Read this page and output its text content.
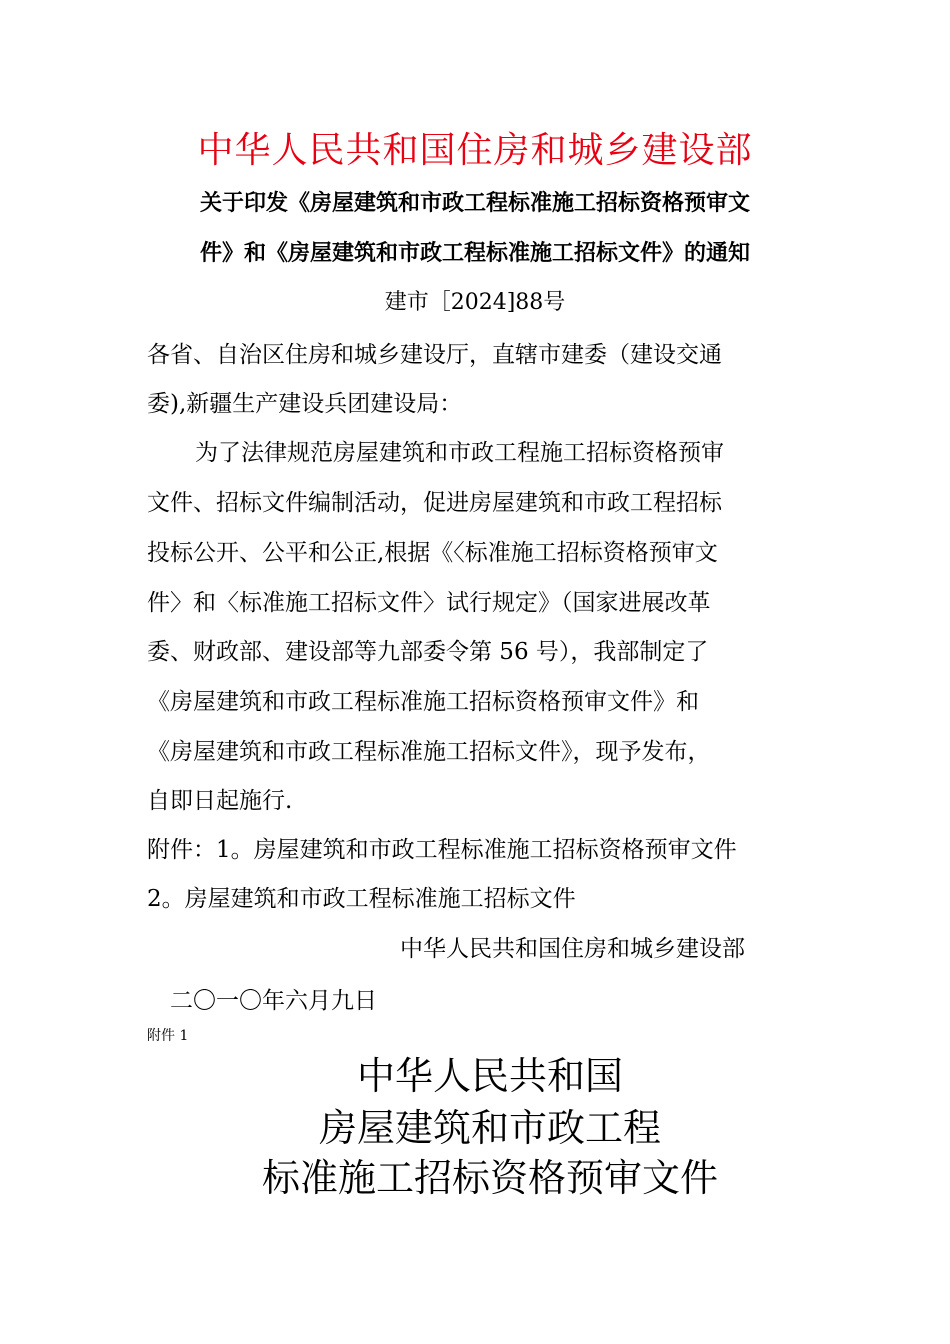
中华人民共和国住房和城乡建设部
关于印发《房屋建筑和市政工程标准施工招标资格预审文
件》和《房屋建筑和市政工程标准施工招标文件》的通知
建市［2024]88号
各省、自治区住房和城乡建设厅，直辖市建委（建设交通
委),新疆生产建设兵团建设局：
为了法律规范房屋建筑和市政工程施工招标资格预审
文件、招标文件编制活动，促进房屋建筑和市政工程招标
投标公开、公平和公正,根据《〈标准施工招标资格预审文
件〉和〈标准施工招标文件〉试行规定》（国家进展改革
委、财政部、建设部等九部委令第 56 号），我部制定了
《房屋建筑和市政工程标准施工招标资格预审文件》和
《房屋建筑和市政工程标准施工招标文件》，现予发布，
自即日起施行.
附件：1。房屋建筑和市政工程标准施工招标资格预审文件
2。房屋建筑和市政工程标准施工招标文件
中华人民共和国住房和城乡建设部
二〇一〇年六月九日
附件 1
中华人民共和国
房屋建筑和市政工程
标准施工招标资格预审文件
